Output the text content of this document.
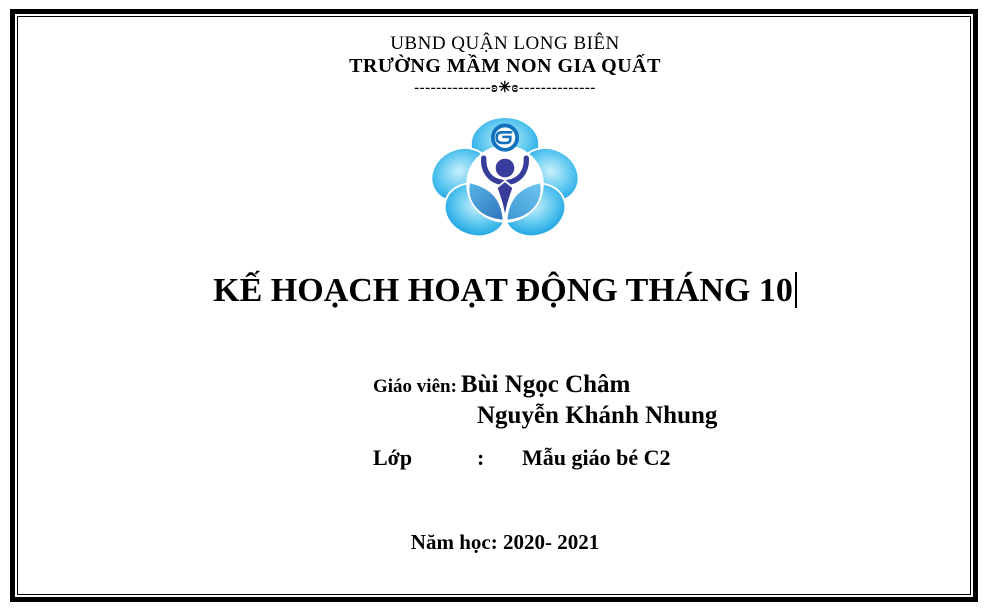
UBND QUẬN LONG BIÊN
TRƯỜNG MẦM NON GIA QUẤT
--------------ʚ✳ɞ--------------
KẾ HOẠCH HOẠT ĐỘNG THÁNG 10
Giáo viên: Bùi Ngọc Châm
Nguyễn Khánh Nhung
Lớp	: Mẫu giáo bé C2
Năm học: 2020- 2021
